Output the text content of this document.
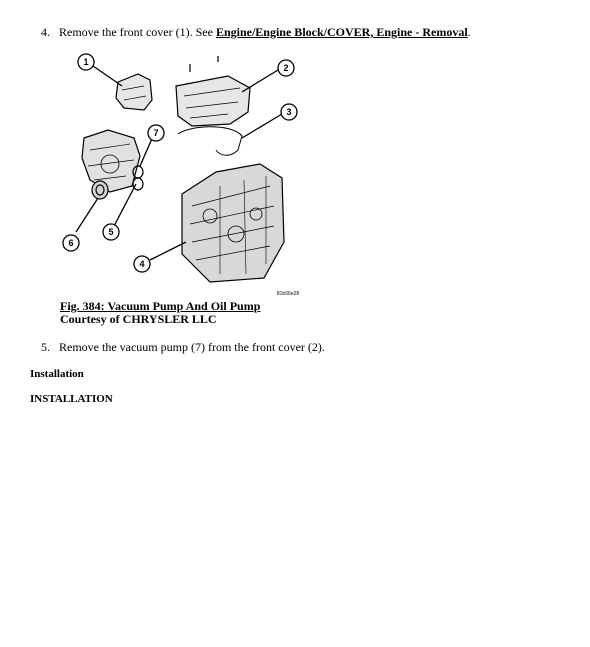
4. Remove the front cover (1). See Engine/Engine Block/COVER, Engine - Removal.
1
2
3
4
5
6
7
81b56e28
Fig. 384: Vacuum Pump And Oil Pump
Courtesy of CHRYSLER LLC
5. Remove the vacuum pump (7) from the front cover (2).
Installation
INSTALLATION
